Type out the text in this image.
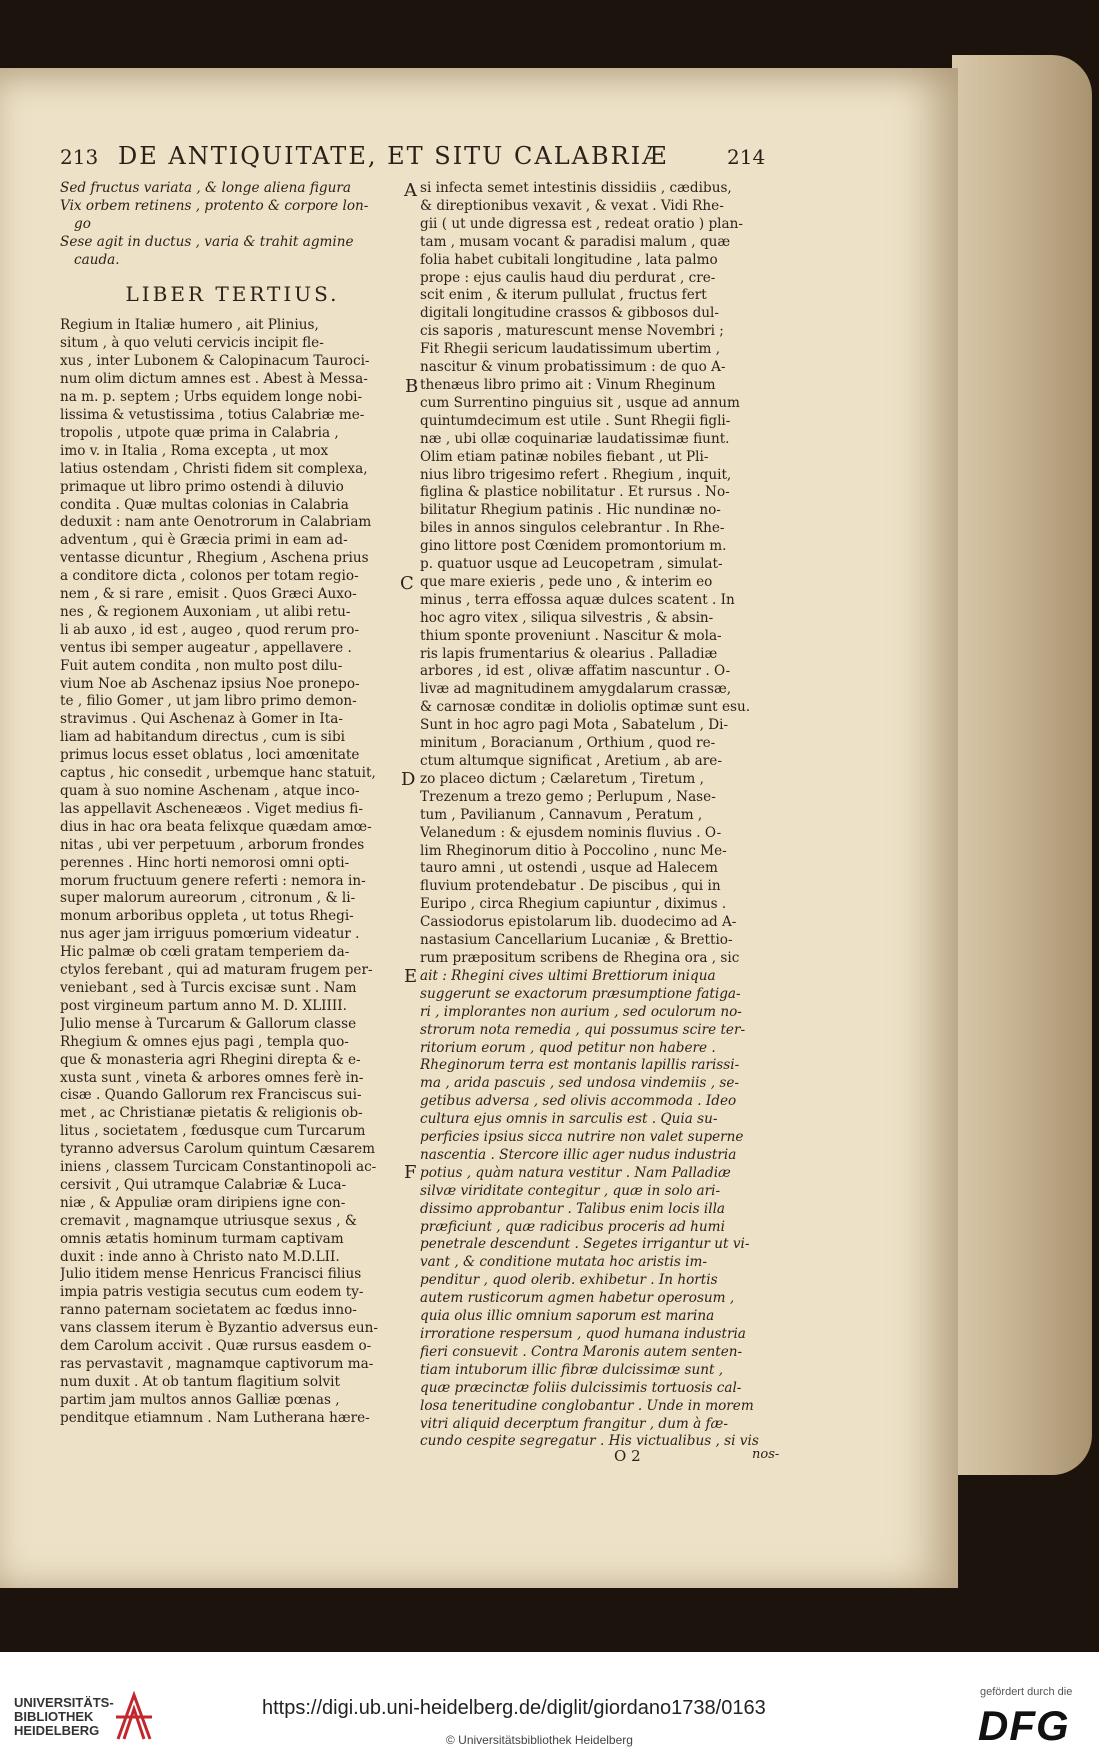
213 DE ANTIQUITATE, ET SITU CALABRIÆ	214

Sed fructus variata , & longe aliena figura

Vix orbem retinens , protento & corpore lon-

go

Sese agit in ductus , varia & trahit agmine

cauda.

LIBER TERTIUS.

Regium in Italiæ humero , ait Plinius,

situm , à quo veluti cervicis incipit fle-

xus , inter Lubonem & Calopinacum Tauroci-

num olim dictum amnes est . Abest à Messa-

na m. p. septem ; Urbs equidem longe nobi-

lissima & vetustissima , totius Calabriæ me-

tropolis , utpote quæ prima in Calabria ,

imo v. in Italia , Roma excepta , ut mox

latius ostendam , Christi fidem sit complexa,

primaque ut libro primo ostendi à diluvio

condita . Quæ multas colonias in Calabria

deduxit : nam ante Oenotrorum in Calabriam

adventum , qui è Græcia primi in eam ad-

ventasse dicuntur , Rhegium , Aschena prius

a conditore dicta , colonos per totam regio-

nem , & si rare , emisit . Quos Græci Auxo-

nes , & regionem Auxoniam , ut alibi retu-

li ab auxo , id est , augeo , quod rerum pro-

ventus ibi semper augeatur , appellavere .

Fuit autem condita , non multo post dilu-

vium Noe ab Aschenaz ipsius Noe pronepo-

te , filio Gomer , ut jam libro primo demon-

stravimus . Qui Aschenaz à Gomer in Ita-

liam ad habitandum directus , cum is sibi

primus locus esset oblatus , loci amœnitate

captus , hic consedit , urbemque hanc statuit,

quam à suo nomine Aschenam , atque inco-

las appellavit Ascheneæos . Viget medius fi-

dius in hac ora beata felixque quædam amœ-

nitas , ubi ver perpetuum , arborum frondes

perennes . Hinc horti nemorosi omni opti-

morum fructuum genere referti : nemora in-

super malorum aureorum , citronum , & li-

monum arboribus oppleta , ut totus Rhegi-

nus ager jam irriguus pomœrium videatur .

Hic palmæ ob cœli gratam temperiem da-

ctylos ferebant , qui ad maturam frugem per-

veniebant , sed à Turcis excisæ sunt . Nam

post virgineum partum anno M. D. XLIIII.

Julio mense à Turcarum & Gallorum classe

Rhegium & omnes ejus pagi , templa quo-

que & monasteria agri Rhegini direpta & e-

xusta sunt , vineta & arbores omnes ferè in-

cisæ . Quando Gallorum rex Franciscus sui-

met , ac Christianæ pietatis & religionis ob-

litus , societatem , fœdusque cum Turcarum

tyranno adversus Carolum quintum Cæsarem

iniens , classem Turcicam Constantinopoli ac-

cersivit , Qui utramque Calabriæ & Luca-

niæ , & Appuliæ oram diripiens igne con-

cremavit , magnamque utriusque sexus , &

omnis ætatis hominum turmam captivam

duxit : inde anno à Christo nato M.D.LII.

Julio itidem mense Henricus Francisci filius

impia patris vestigia secutus cum eodem ty-

ranno paternam societatem ac fœdus inno-

vans classem iterum è Byzantio adversus eun-

dem Carolum accivit . Quæ rursus easdem o-

ras pervastavit , magnamque captivorum ma-

num duxit . At ob tantum flagitium solvit

partim jam multos annos Galliæ pœnas ,

penditque etiamnum . Nam Lutherana hære-

si infecta semet intestinis dissidiis , cædibus,

& direptionibus vexavit , & vexat . Vidi Rhe-

gii ( ut unde digressa est , redeat oratio ) plan-

tam , musam vocant & paradisi malum , quæ

folia habet cubitali longitudine , lata palmo

prope : ejus caulis haud diu perdurat , cre-

scit enim , & iterum pullulat , fructus fert

digitali longitudine crassos & gibbosos dul-

cis saporis , maturescunt mense Novembri ;

Fit Rhegii sericum laudatissimum ubertim ,

nascitur & vinum probatissimum : de quo A-

thenæus libro primo ait : Vinum Rheginum

cum Surrentino pinguius sit , usque ad annum

quintumdecimum est utile . Sunt Rhegii figli-

næ , ubi ollæ coquinariæ laudatissimæ fiunt.

Olim etiam patinæ nobiles fiebant , ut Pli-

nius libro trigesimo refert . Rhegium , inquit,

figlina & plastice nobilitatur . Et rursus . No-

bilitatur Rhegium patinis . Hic nundinæ no-

biles in annos singulos celebrantur . In Rhe-

gino littore post Cœnidem promontorium m.

p. quatuor usque ad Leucopetram , simulat-

que mare exieris , pede uno , & interim eo

minus , terra effossa aquæ dulces scatent . In

hoc agro vitex , siliqua silvestris , & absin-

thium sponte proveniunt . Nascitur & mola-

ris lapis frumentarius & olearius . Palladiæ

arbores , id est , olivæ affatim nascuntur . O-

livæ ad magnitudinem amygdalarum crassæ,

& carnosæ conditæ in doliolis optimæ sunt esu.

Sunt in hoc agro pagi Mota , Sabatelum , Di-

minitum , Boracianum , Orthium , quod re-

ctum altumque significat , Aretium , ab are-

zo placeo dictum ; Cælaretum , Tiretum ,

Trezenum a trezo gemo ; Perlupum , Nase-

tum , Pavilianum , Cannavum , Peratum ,

Velanedum : & ejusdem nominis fluvius . O-

lim Rheginorum ditio à Poccolino , nunc Me-

tauro amni , ut ostendi , usque ad Halecem

fluvium protendebatur . De piscibus , qui in

Euripo , circa Rhegium capiuntur , diximus .

Cassiodorus epistolarum lib. duodecimo ad A-

nastasium Cancellarium Lucaniæ , & Brettio-

rum præpositum scribens de Rhegina ora , sic

ait : Rhegini cives ultimi Brettiorum iniqua

suggerunt se exactorum præsumptione fatiga-

ri , implorantes non aurium , sed oculorum no-

strorum nota remedia , qui possumus scire ter-

ritorium eorum , quod petitur non habere .

Rheginorum terra est montanis lapillis rarissi-

ma , arida pascuis , sed undosa vindemiis , se-

getibus adversa , sed olivis accommoda . Ideo

cultura ejus omnis in sarculis est . Quia su-

perficies ipsius sicca nutrire non valet superne

nascentia . Stercore illic ager nudus industria

potius , quàm natura vestitur . Nam Palladiæ

silvæ viriditate contegitur , quæ in solo ari-

dissimo approbantur . Talibus enim locis illa

præficiunt , quæ radicibus proceris ad humi

penetrale descendunt . Segetes irrigantur ut vi-

vant , & conditione mutata hoc aristis im-

penditur , quod olerib. exhibetur . In hortis

autem rusticorum agmen habetur operosum ,

quia olus illic omnium saporum est marina

irroratione respersum , quod humana industria

fieri consuevit . Contra Maronis autem senten-

tiam intuborum illic fibræ dulcissimæ sunt ,

quæ præcinctæ foliis dulcissimis tortuosis cal-

losa teneritudine conglobantur . Unde in morem

vitri aliquid decerptum frangitur , dum à fæ-

cundo cespite segregatur . His victualibus , si vis

A
B
C
D
E
F
O 2	nos-
UNIVERSITÄTS-
BIBLIOTHEK
HEIDELBERG
https://digi.ub.uni-heidelberg.de/diglit/giordano1738/0163
© Universitätsbibliothek Heidelberg
gefördert durch die
DFG
